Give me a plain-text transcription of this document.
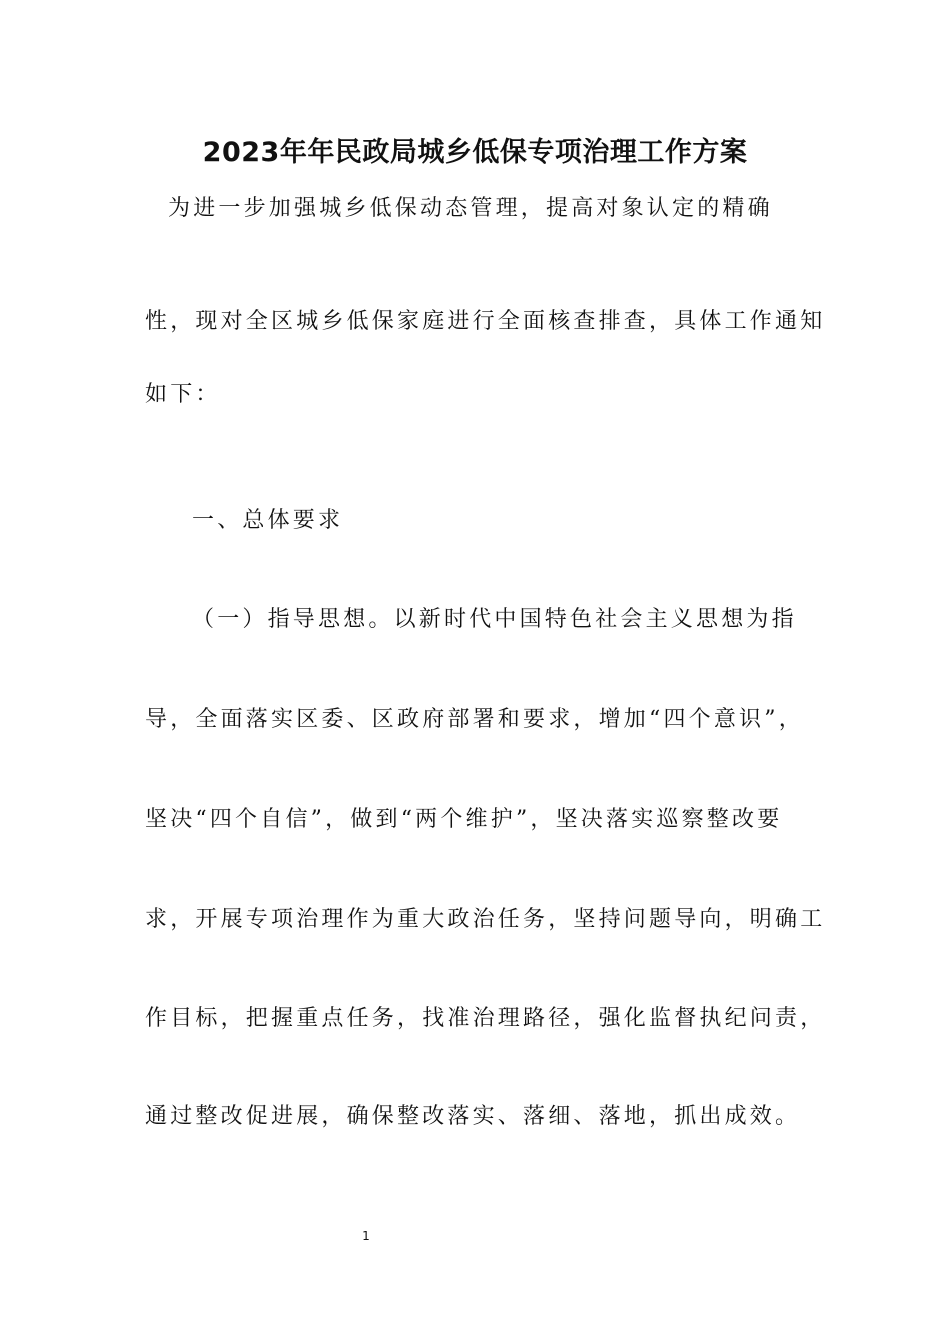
2023年年民政局城乡低保专项治理工作方案
为进一步加强城乡低保动态管理，提高对象认定的精确
性，现对全区城乡低保家庭进行全面核查排查，具体工作通知
如下：
一、总体要求
（一）指导思想。以新时代中国特色社会主义思想为指
导，全面落实区委、区政府部署和要求，增加“四个意识”，
坚决“四个自信”，做到“两个维护”，坚决落实巡察整改要
求，开展专项治理作为重大政治任务，坚持问题导向，明确工
作目标，把握重点任务，找准治理路径，强化监督执纪问责，
通过整改促进展，确保整改落实、落细、落地，抓出成效。
1
